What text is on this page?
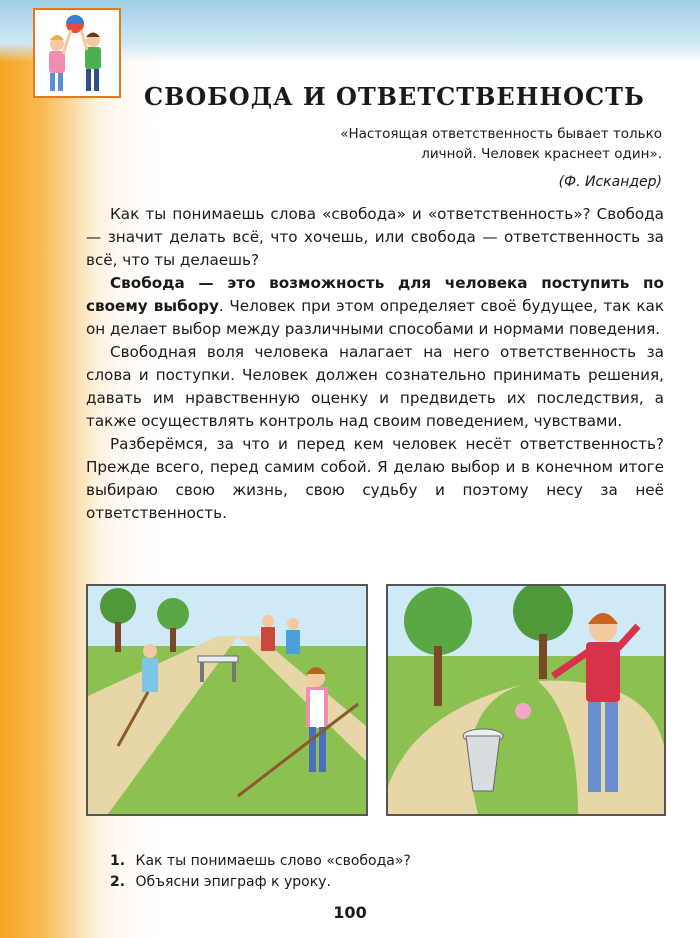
СВОБОДА И ОТВЕТСТВЕННОСТЬ
«Настоящая ответственность бывает только
личной. Человек краснеет один».
(Ф. Искандер)

Как ты понимаешь слова «свобода» и «ответственность»? Свобода — значит делать всё, что хочешь, или свобода — ответственность за всё, что ты делаешь?

Свобода — это возможность для человека поступить по своему выбору. Человек при этом определяет своё будущее, так как он делает выбор между различными способами и нормами поведения.

Свободная воля человека налагает на него ответственность за слова и поступки. Человек должен сознательно принимать решения, давать им нравственную оценку и предвидеть их последствия, а также осуществлять контроль над своим поведением, чувствами.

Разберёмся, за что и перед кем человек несёт ответственность? Прежде всего, перед самим собой. Я делаю выбор и в конечном итоге выбираю свою жизнь, свою судьбу и поэтому несу за неё ответственность.

1. Как ты понимаешь слово «свобода»?
2. Объясни эпиграф к уроку.
100
